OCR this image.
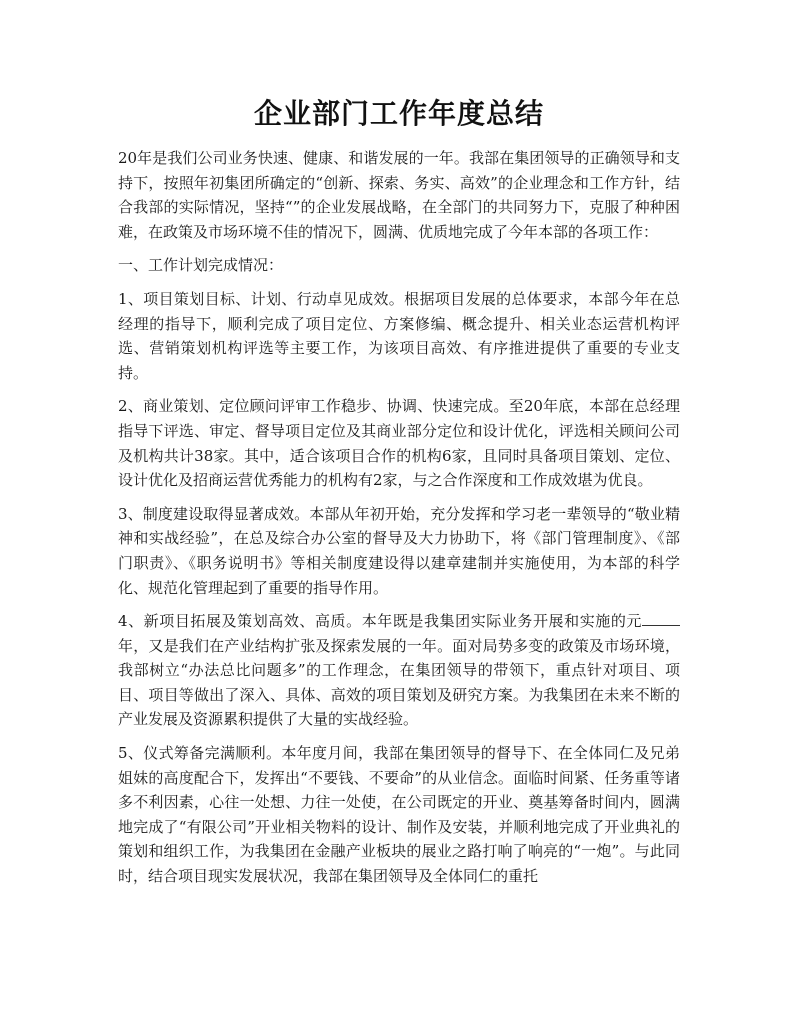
企业部门工作年度总结

20年是我们公司业务快速、健康、和谐发展的一年。我部在集团领导的正确领导和支持下，按照年初集团所确定的“创新、探索、务实、高效”的企业理念和工作方针，结合我部的实际情况，坚持“”的企业发展战略，在全部门的共同努力下，克服了种种困难，在政策及市场环境不佳的情况下，圆满、优质地完成了今年本部的各项工作：

一、工作计划完成情况：

1、项目策划目标、计划、行动卓见成效。根据项目发展的总体要求，本部今年在总经理的指导下，顺利完成了项目定位、方案修编、概念提升、相关业态运营机构评选、营销策划机构评选等主要工作，为该项目高效、有序推进提供了重要的专业支持。

2、商业策划、定位顾问评审工作稳步、协调、快速完成。至20年底，本部在总经理指导下评选、审定、督导项目定位及其商业部分定位和设计优化，评选相关顾问公司及机构共计38家。其中，适合该项目合作的机构6家，且同时具备项目策划、定位、设计优化及招商运营优秀能力的机构有2家，与之合作深度和工作成效堪为优良。

3、制度建设取得显著成效。本部从年初开始，充分发挥和学习老一辈领导的“敬业精神和实战经验”，在总及综合办公室的督导及大力协助下，将《部门管理制度》、《部门职责》、《职务说明书》等相关制度建设得以建章建制并实施使用，为本部的科学化、规范化管理起到了重要的指导作用。

4、新项目拓展及策划高效、高质。本年既是我集团实际业务开展和实施的元年，又是我们在产业结构扩张及探索发展的一年。面对局势多变的政策及市场环境，我部树立“办法总比问题多”的工作理念，在集团领导的带领下，重点针对项目、项目、项目等做出了深入、具体、高效的项目策划及研究方案。为我集团在未来不断的产业发展及资源累积提供了大量的实战经验。

5、仪式筹备完满顺利。本年度月间，我部在集团领导的督导下、在全体同仁及兄弟姐妹的高度配合下，发挥出“不要钱、不要命”的从业信念。面临时间紧、任务重等诸多不利因素，心往一处想、力往一处使，在公司既定的开业、奠基筹备时间内，圆满地完成了“有限公司”开业相关物料的设计、制作及安装，并顺利地完成了开业典礼的策划和组织工作，为我集团在金融产业板块的展业之路打响了响亮的“一炮”。与此同时，结合项目现实发展状况，我部在集团领导及全体同仁的重托
